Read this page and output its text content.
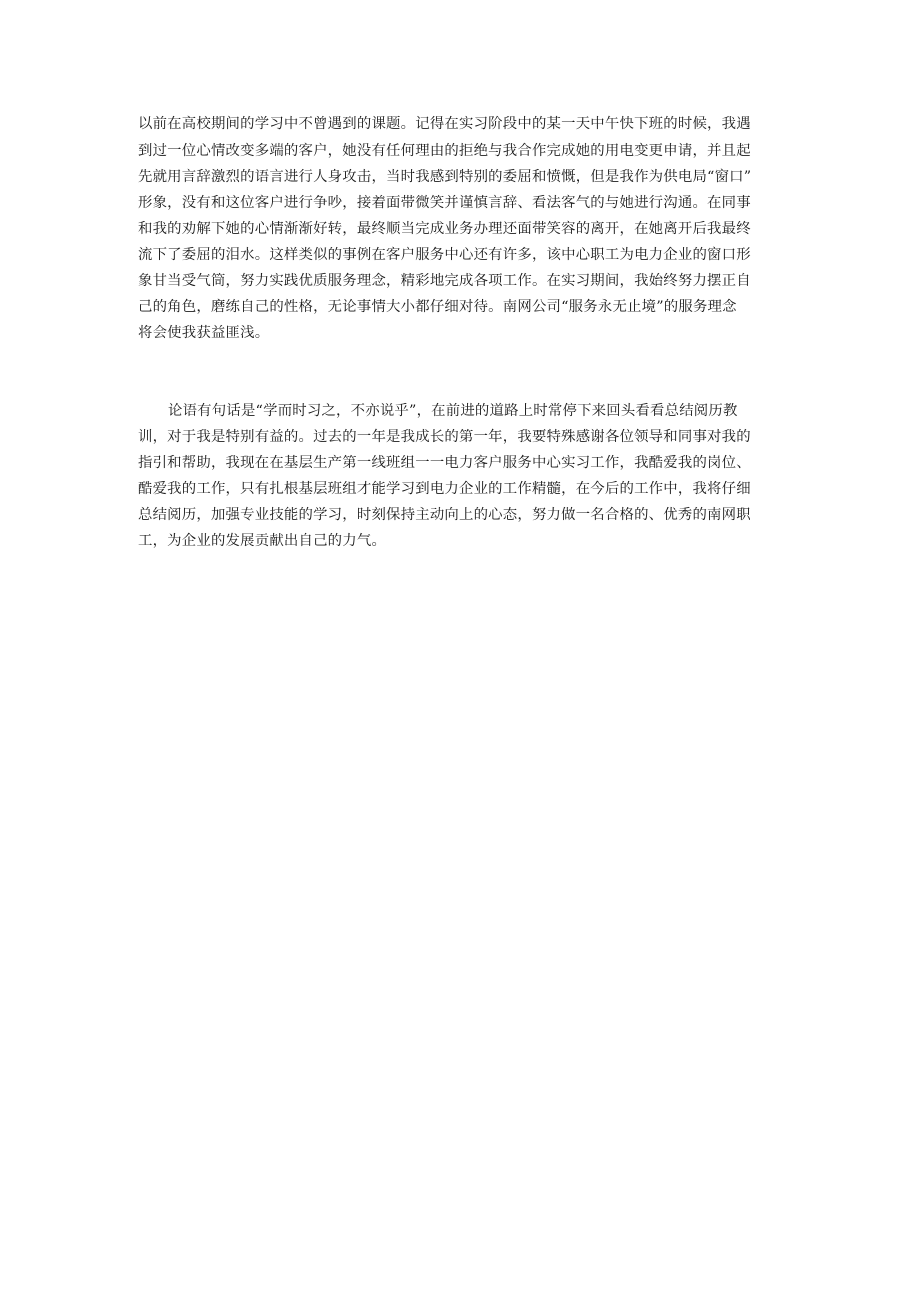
以前在高校期间的学习中不曾遇到的课题。记得在实习阶段中的某一天中午快下班的时候，我遇

到过一位心情改变多端的客户，她没有任何理由的拒绝与我合作完成她的用电变更申请，并且起

先就用言辞激烈的语言进行人身攻击，当时我感到特别的委屈和愤慨，但是我作为供电局“窗口”

形象，没有和这位客户进行争吵，接着面带微笑并谨慎言辞、看法客气的与她进行沟通。在同事

和我的劝解下她的心情渐渐好转，最终顺当完成业务办理还面带笑容的离开，在她离开后我最终

流下了委屈的泪水。这样类似的事例在客户服务中心还有许多，该中心职工为电力企业的窗口形

象甘当受气筒，努力实践优质服务理念，精彩地完成各项工作。在实习期间，我始终努力摆正自

己的角色，磨练自己的性格，无论事情大小都仔细对待。南网公司“服务永无止境”的服务理念

将会使我获益匪浅。

论语有句话是“学而时习之，不亦说乎”，在前进的道路上时常停下来回头看看总结阅历教

训，对于我是特别有益的。过去的一年是我成长的第一年，我要特殊感谢各位领导和同事对我的

指引和帮助，我现在在基层生产第一线班组一一电力客户服务中心实习工作，我酷爱我的岗位、

酷爱我的工作，只有扎根基层班组才能学习到电力企业的工作精髓，在今后的工作中，我将仔细

总结阅历，加强专业技能的学习，时刻保持主动向上的心态，努力做一名合格的、优秀的南网职

工，为企业的发展贡献出自己的力气。
